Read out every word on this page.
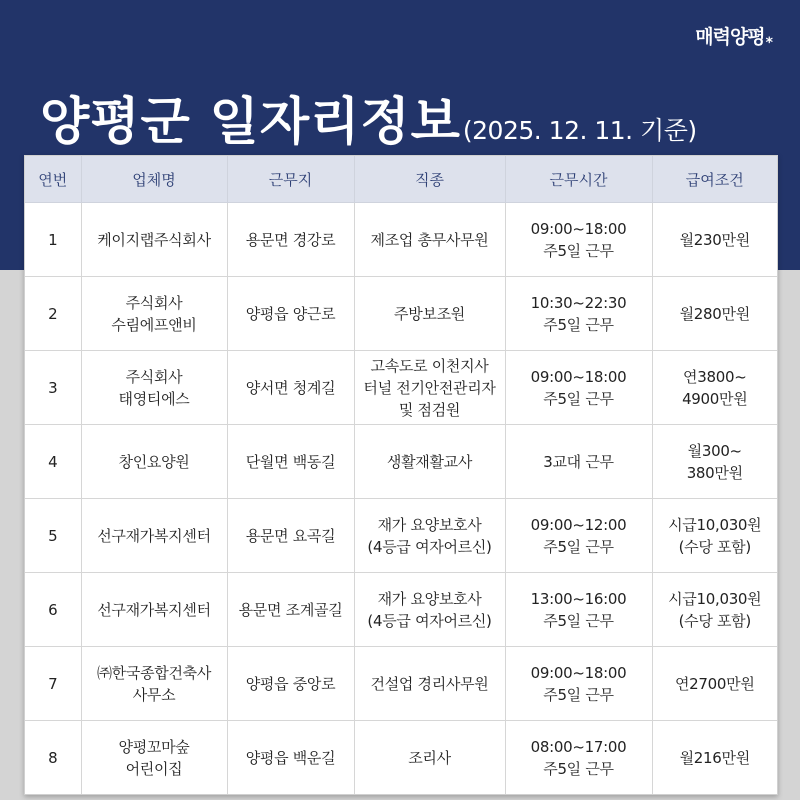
매력양평$_*$
양평군 일자리정보(2025. 12. 11. 기준)
연번	업체명	근무지	직종	근무시간	급여조건
1	케이지랩주식회사	용문면 경강로	제조업 총무사무원	09:00~18:00
주5일 근무	월230만원
2	주식회사
수림에프앤비	양평읍 양근로	주방보조원	10:30~22:30
주5일 근무	월280만원
3	주식회사
태영티에스	양서면 청계길	고속도로 이천지사
터널 전기안전관리자
및 점검원	09:00~18:00
주5일 근무	연3800~
4900만원
4	창인요양원	단월면 백동길	생활재활교사	3교대 근무	월300~
380만원
5	선구재가복지센터	용문면 요곡길	재가 요양보호사
(4등급 여자어르신)	09:00~12:00
주5일 근무	시급10,030원
(수당 포함)
6	선구재가복지센터	용문면 조계골길	재가 요양보호사
(4등급 여자어르신)	13:00~16:00
주5일 근무	시급10,030원
(수당 포함)
7	㈜한국종합건축사
사무소	양평읍 중앙로	건설업 경리사무원	09:00~18:00
주5일 근무	연2700만원
8	양평꼬마숲
어린이집	양평읍 백운길	조리사	08:00~17:00
주5일 근무	월216만원
